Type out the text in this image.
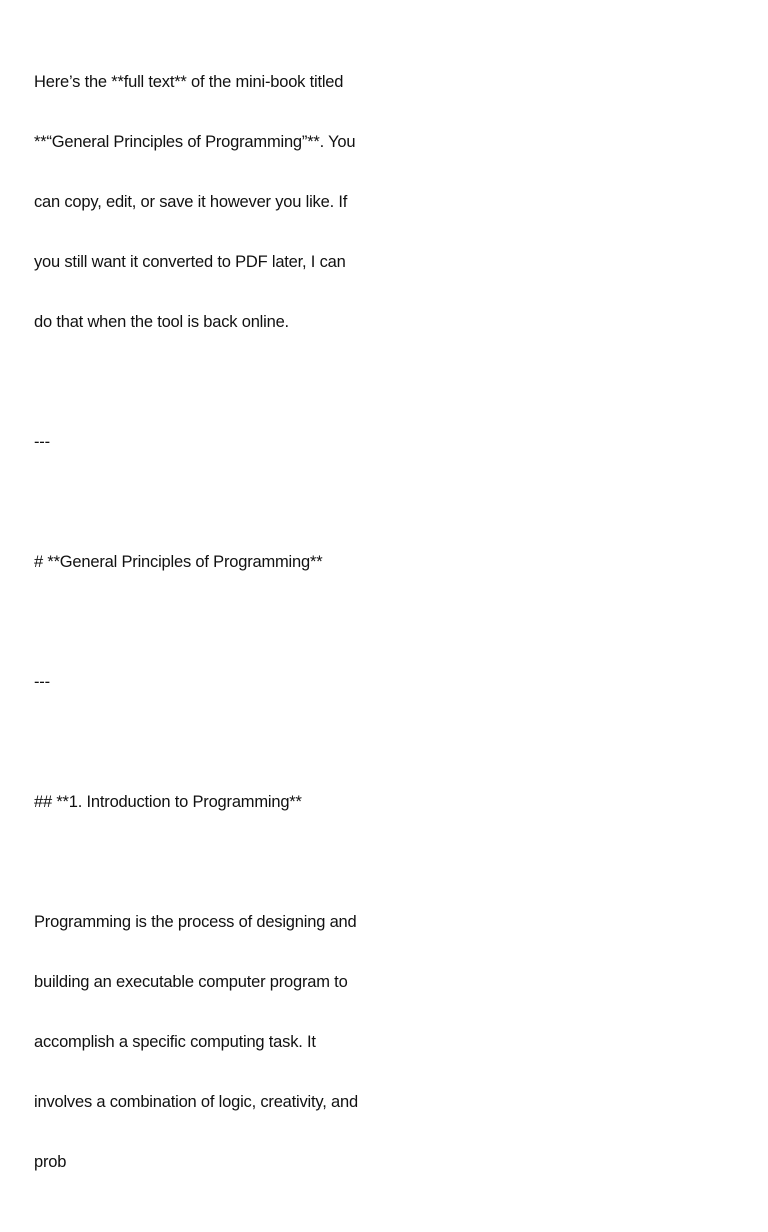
Here’s the **full text** of the mini-book titled

**“General Principles of Programming”**. You

can copy, edit, or save it however you like. If

you still want it converted to PDF later, I can

do that when the tool is back online.

---

# **General Principles of Programming**

---

## **1. Introduction to Programming**

Programming is the process of designing and

building an executable computer program to

accomplish a specific computing task. It

involves a combination of logic, creativity, and

prob
